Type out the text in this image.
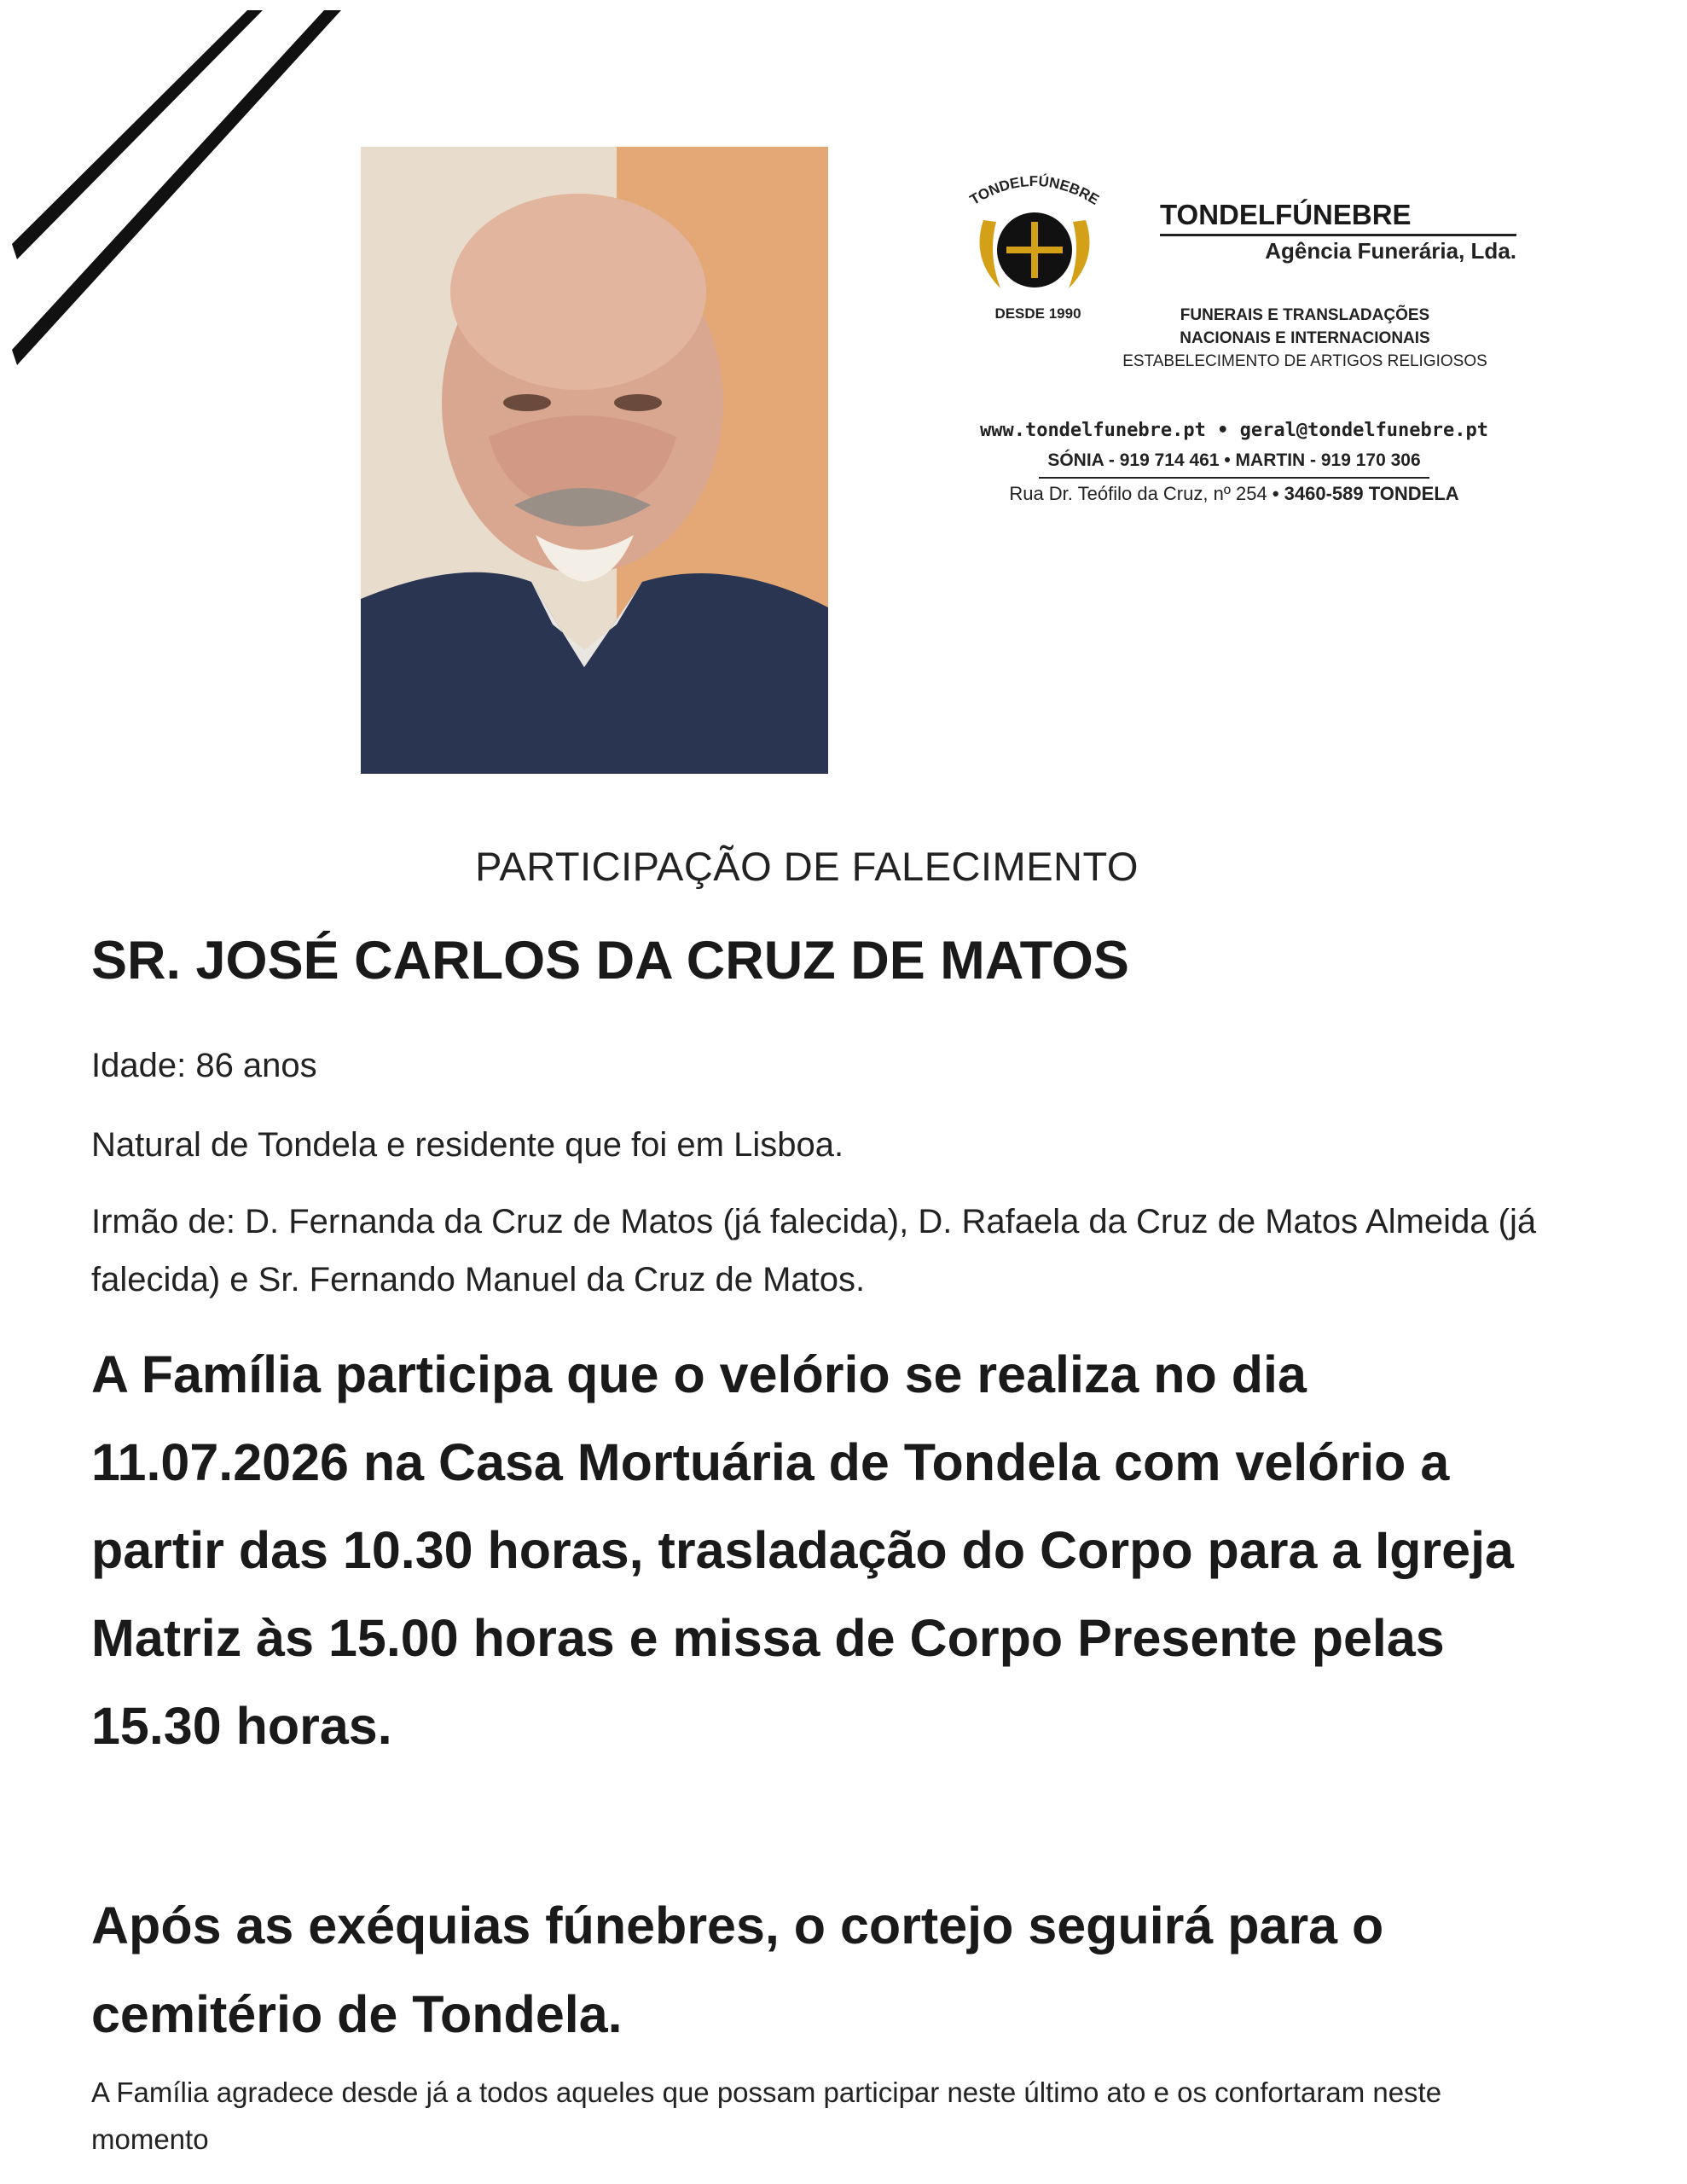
TONDELFÚNEBRE
DESDE 1990
TONDELFÚNEBRE
Agência Funerária, Lda.
FUNERAIS E TRANSLADAÇÕES
NACIONAIS E INTERNACIONAIS
ESTABELECIMENTO DE ARTIGOS RELIGIOSOS
www.tondelfunebre.pt • geral@tondelfunebre.pt
SÓNIA - 919 714 461 • MARTIN - 919 170 306
Rua Dr. Teófilo da Cruz, nº 254 • 3460-589 TONDELA
PARTICIPAÇÃO DE FALECIMENTO
SR. JOSÉ CARLOS DA CRUZ DE MATOS
Idade: 86 anos
Natural de Tondela e residente que foi em Lisboa.
Irmão de: D. Fernanda da Cruz de Matos (já falecida), D. Rafaela da Cruz de Matos Almeida (já falecida) e Sr. Fernando Manuel da Cruz de Matos.
A Família participa que o velório se realiza no dia 11.07.2026 na Casa Mortuária de Tondela com velório a partir das 10.30 horas, trasladação do Corpo para a Igreja Matriz às 15.00 horas e missa de Corpo Presente pelas 15.30 horas.
Após as exéquias fúnebres, o cortejo seguirá para o cemitério de Tondela.
A Família agradece desde já a todos aqueles que possam participar neste último ato e os confortaram neste momento
